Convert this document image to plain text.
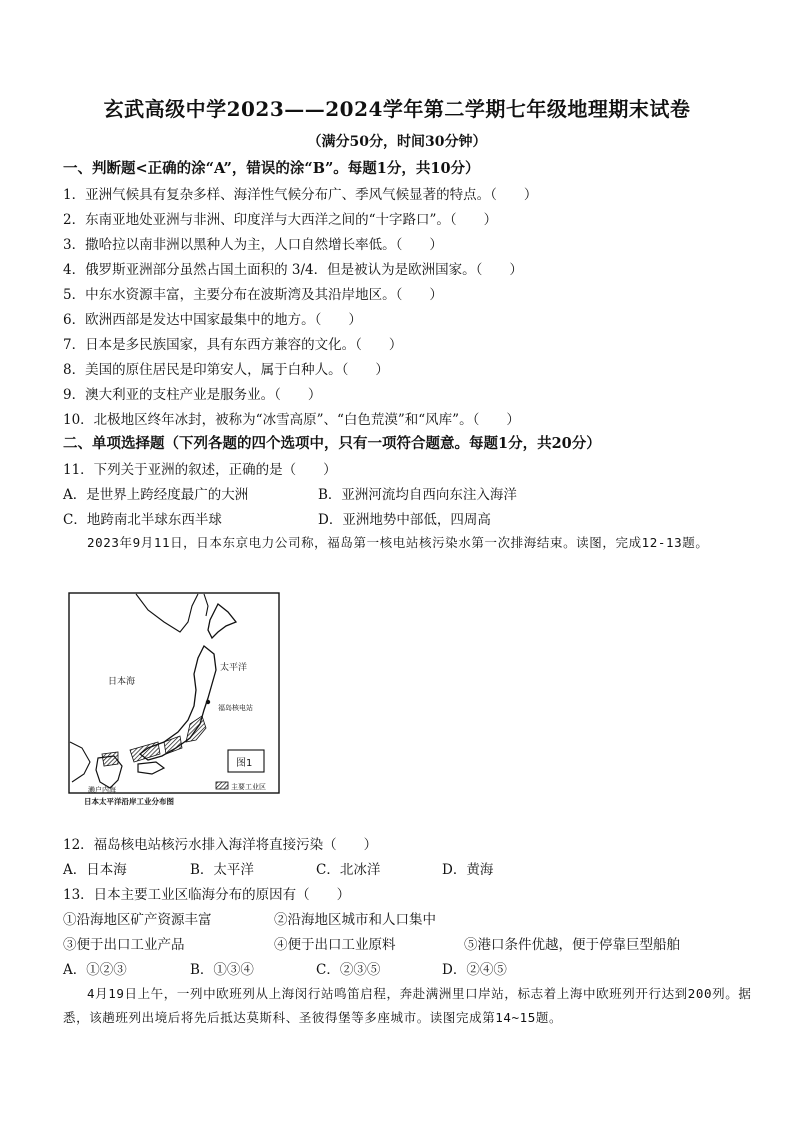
玄武高级中学2023——2024学年第二学期七年级地理期末试卷
（满分50分，时间30分钟）
一、判断题<正确的涂“A”，错误的涂“B”。每题1分，共10分）
1．亚洲气候具有复杂多样、海洋性气候分布广、季风气候显著的特点。（　　）
2．东南亚地处亚洲与非洲、印度洋与大西洋之间的“十字路口”。（　　）
3．撒哈拉以南非洲以黑种人为主，人口自然增长率低。（　　）
4．俄罗斯亚洲部分虽然占国土面积的 3/4．但是被认为是欧洲国家。（　　）
5．中东水资源丰富，主要分布在波斯湾及其沿岸地区。（　　）
6．欧洲西部是发达中国家最集中的地方。（　　）
7．日本是多民族国家，具有东西方兼容的文化。（　　）
8．美国的原住居民是印第安人，属于白种人。（　　）
9．澳大利亚的支柱产业是服务业。（　　）
10．北极地区终年冰封，被称为“冰雪高原”、“白色荒漠”和“风库”。（　　）
二、单项选择题（下列各题的四个选项中，只有一项符合题意。每题1分，共20分）
11．下列关于亚洲的叙述，正确的是（　　）
A．是世界上跨经度最广的大洲	B．亚洲河流均自西向东注入海洋
C．地跨南北半球东西半球	D．亚洲地势中部低，四周高
2023年9月11日，日本东京电力公司称，福岛第一核电站核污染水第一次排海结束。读图，完成12-13题。
日本海
太平洋
福岛核电站
濑户内海
图1
主要工业区
日本太平洋沿岸工业分布图
12．福岛核电站核污水排入海洋将直接污染（　　）
A．日本海	B．太平洋	C．北冰洋	D．黄海
13．日本主要工业区临海分布的原因有（　　）
①沿海地区矿产资源丰富	②沿海地区城市和人口集中
③便于出口工业产品	④便于出口工业原料	⑤港口条件优越，便于停靠巨型船舶
A．①②③	B．①③④	C．②③⑤	D．②④⑤
4月19日上午，一列中欧班列从上海闵行站鸣笛启程，奔赴满洲里口岸站，标志着上海中欧班列开行达到200列。据悉，该趟班列出境后将先后抵达莫斯科、圣彼得堡等多座城市。读图完成第14~15题。
